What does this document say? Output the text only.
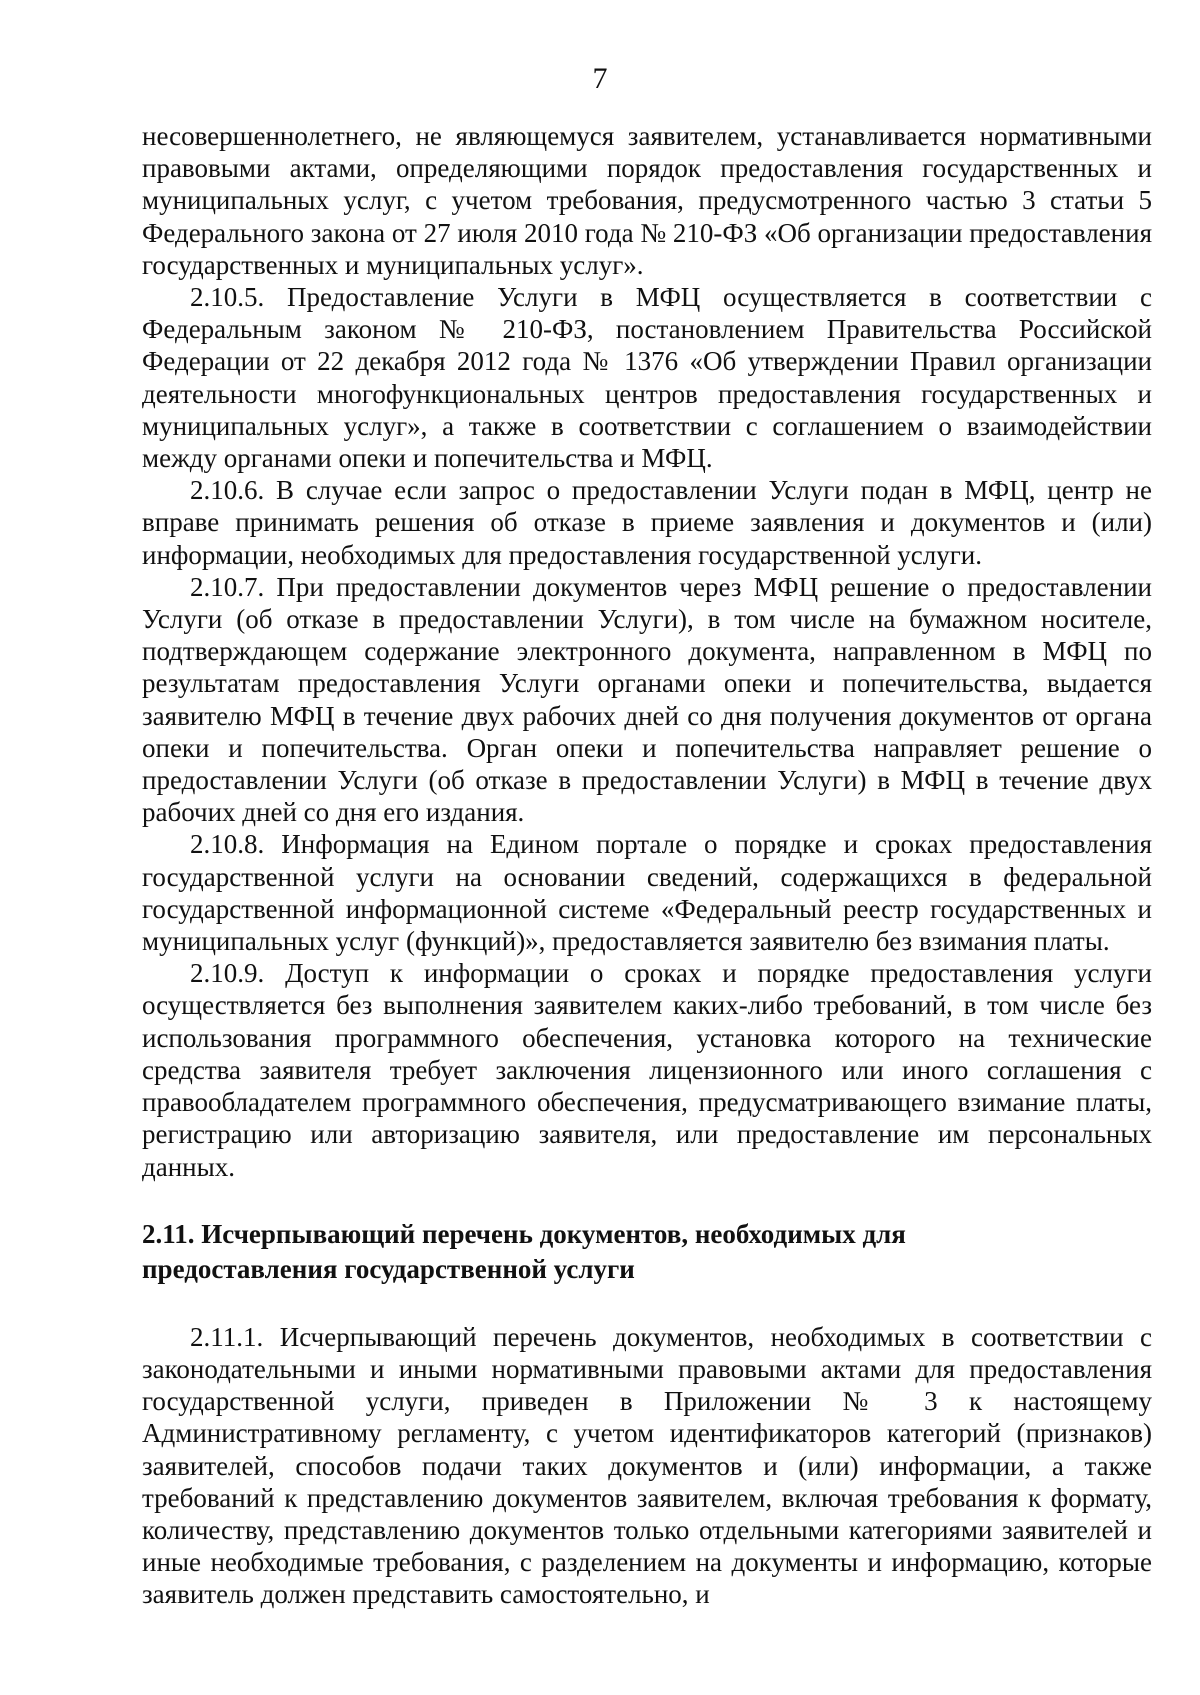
7

несовершеннолетнего, не являющемуся заявителем, устанавливается нормативными правовыми актами, определяющими порядок предоставления государственных и муниципальных услуг, с учетом требования, предусмотренного частью 3 статьи 5 Федерального закона от 27 июля 2010 года № 210-ФЗ «Об организации предоставления государственных и муниципальных услуг».

2.10.5. Предоставление Услуги в МФЦ осуществляется в соответствии с Федеральным законом № 210-ФЗ, постановлением Правительства Российской Федерации от 22 декабря 2012 года № 1376 «Об утверждении Правил организации деятельности многофункциональных центров предоставления государственных и муниципальных услуг», а также в соответствии с соглашением о взаимодействии между органами опеки и попечительства и МФЦ.

2.10.6. В случае если запрос о предоставлении Услуги подан в МФЦ, центр не вправе принимать решения об отказе в приеме заявления и документов и (или) информации, необходимых для предоставления государственной услуги.

2.10.7. При предоставлении документов через МФЦ решение о предоставлении Услуги (об отказе в предоставлении Услуги), в том числе на бумажном носителе, подтверждающем содержание электронного документа, направленном в МФЦ по результатам предоставления Услуги органами опеки и попечительства, выдается заявителю МФЦ в течение двух рабочих дней со дня получения документов от органа опеки и попечительства. Орган опеки и попечительства направляет решение о предоставлении Услуги (об отказе в предоставлении Услуги) в МФЦ в течение двух рабочих дней со дня его издания.

2.10.8. Информация на Едином портале о порядке и сроках предоставления государственной услуги на основании сведений, содержащихся в федеральной государственной информационной системе «Федеральный реестр государственных и муниципальных услуг (функций)», предоставляется заявителю без взимания платы.

2.10.9. Доступ к информации о сроках и порядке предоставления услуги осуществляется без выполнения заявителем каких-либо требований, в том числе без использования программного обеспечения, установка которого на технические средства заявителя требует заключения лицензионного или иного соглашения с правообладателем программного обеспечения, предусматривающего взимание платы, регистрацию или авторизацию заявителя, или предоставление им персональных данных.

2.11. Исчерпывающий перечень документов, необходимых для
предоставления государственной услуги

2.11.1. Исчерпывающий перечень документов, необходимых в соответствии с законодательными и иными нормативными правовыми актами для предоставления государственной услуги, приведен в Приложении № 3 к настоящему Административному регламенту, с учетом идентификаторов категорий (признаков) заявителей, способов подачи таких документов и (или) информации, а также требований к представлению документов заявителем, включая требования к формату, количеству, представлению документов только отдельными категориями заявителей и иные необходимые требования, с разделением на документы и информацию, которые заявитель должен представить самостоятельно, и
